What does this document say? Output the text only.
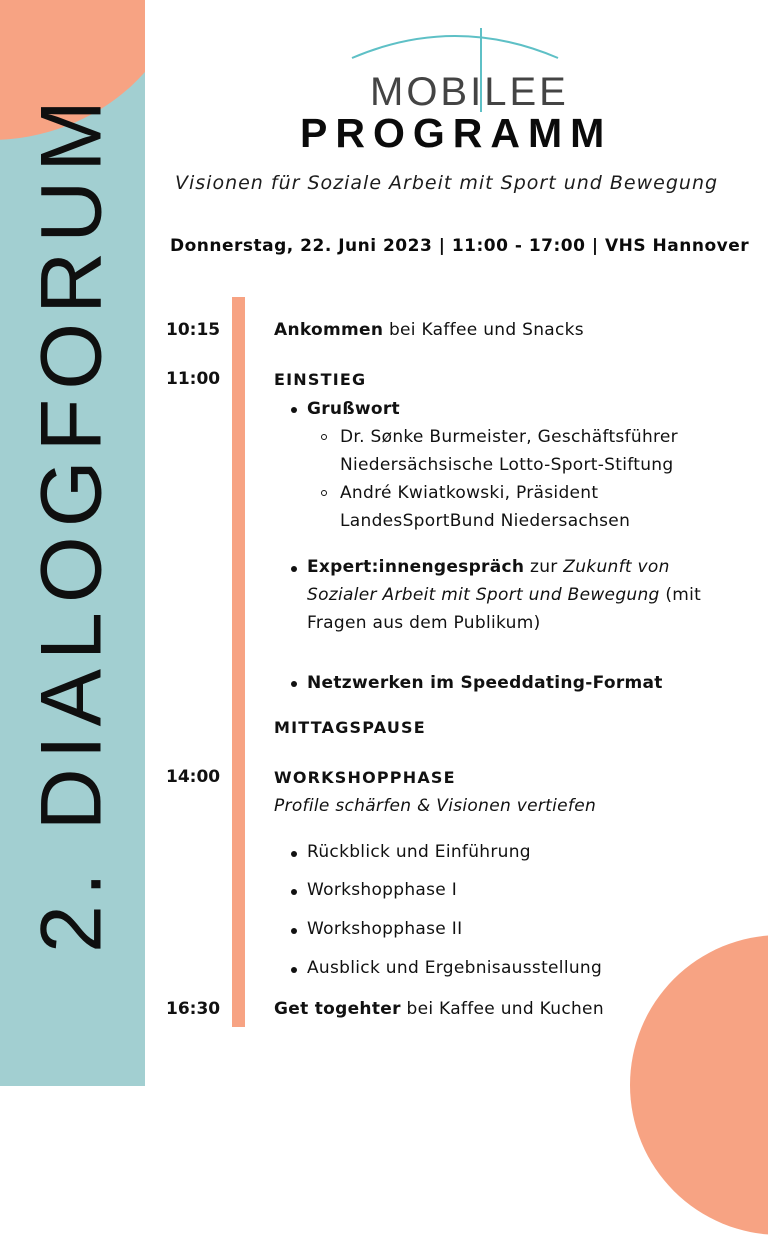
2. DIALOGFORUM	MOBILEE
PROGRAMM
Visionen für Soziale Arbeit mit Sport und Bewegung
Donnerstag, 22. Juni 2023 | 11:00 - 17:00 | VHS Hannover
10:15	Ankommen bei Kaffee und Snacks
11:00	EINSTIEG
Grußwort
Dr. Sønke Burmeister, Geschäftsführer
Niedersächsische Lotto-Sport-Stiftung
André Kwiatkowski, Präsident
LandesSportBund Niedersachsen
Expert:innengespräch zur Zukunft von
Sozialer Arbeit mit Sport und Bewegung (mit
Fragen aus dem Publikum)
Netzwerken im Speeddating-Format
MITTAGSPAUSE
14:00	WORKSHOPPHASE
Profile schärfen & Visionen vertiefen
Rückblick und Einführung
Workshopphase I
Workshopphase II
Ausblick und Ergebnisausstellung
16:30	Get togehter bei Kaffee und Kuchen
